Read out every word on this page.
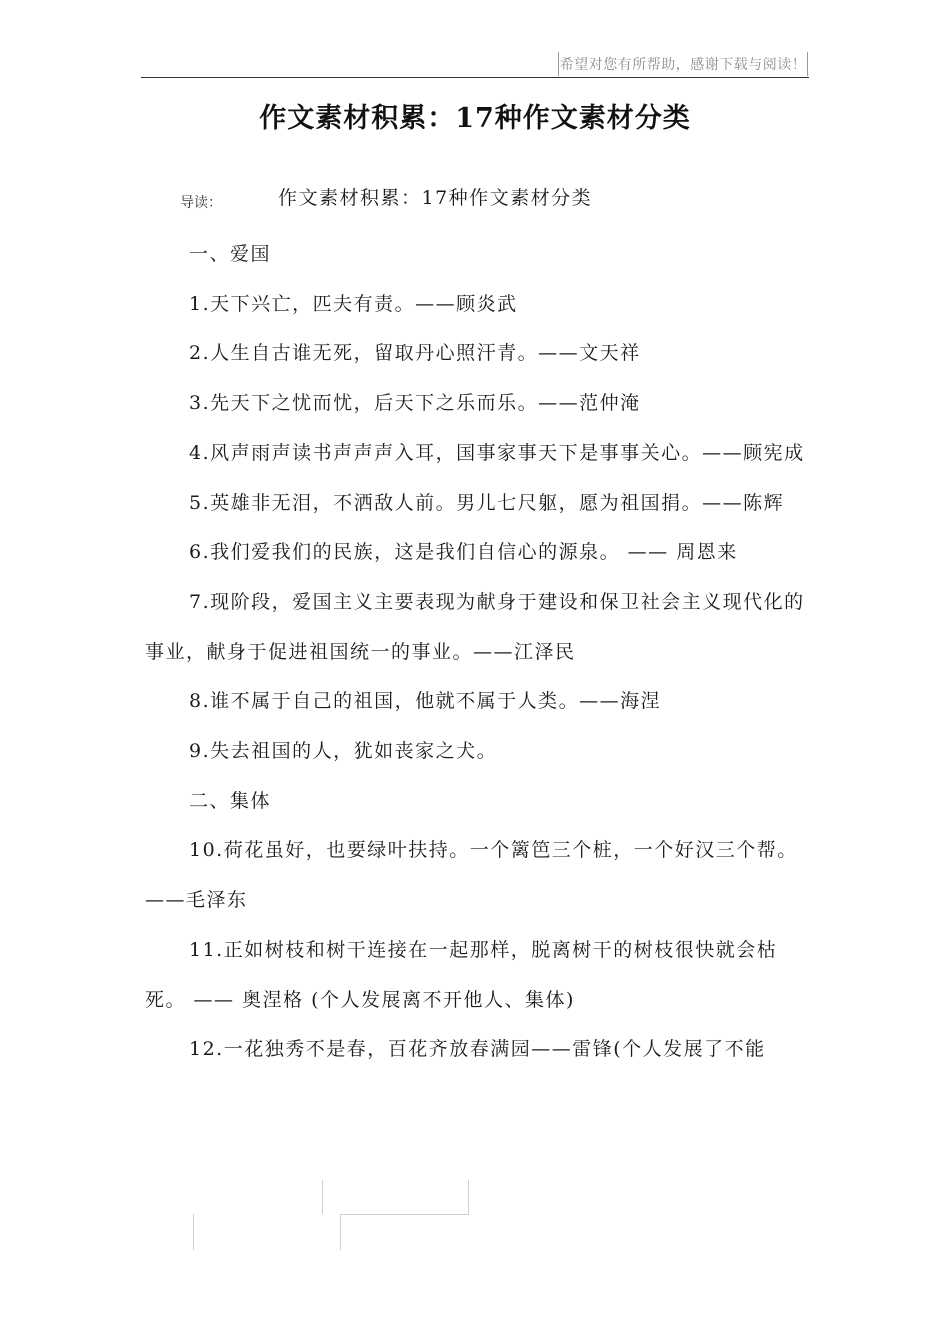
希望对您有所帮助，感谢下载与阅读！
作文素材积累：17种作文素材分类
导读：	作文素材积累：17种作文素材分类

一、爱国

1.天下兴亡，匹夫有责。——顾炎武

2.人生自古谁无死，留取丹心照汗青。——文天祥

3.先天下之忧而忧，后天下之乐而乐。——范仲淹

4.风声雨声读书声声声入耳，国事家事天下是事事关心。——顾宪成

5.英雄非无泪，不洒敌人前。男儿七尺躯，愿为祖国捐。——陈辉

6.我们爱我们的民族，这是我们自信心的源泉。 —— 周恩来

7.现阶段，爱国主义主要表现为献身于建设和保卫社会主义现代化的事业，献身于促进祖国统一的事业。——江泽民

8.谁不属于自己的祖国，他就不属于人类。——海涅

9.失去祖国的人，犹如丧家之犬。

二、集体

10.荷花虽好，也要绿叶扶持。一个篱笆三个桩，一个好汉三个帮。——毛泽东

11.正如树枝和树干连接在一起那样，脱离树干的树枝很快就会枯死。 —— 奥涅格 (个人发展离不开他人、集体)

12.一花独秀不是春，百花齐放春满园——雷锋(个人发展了不能
